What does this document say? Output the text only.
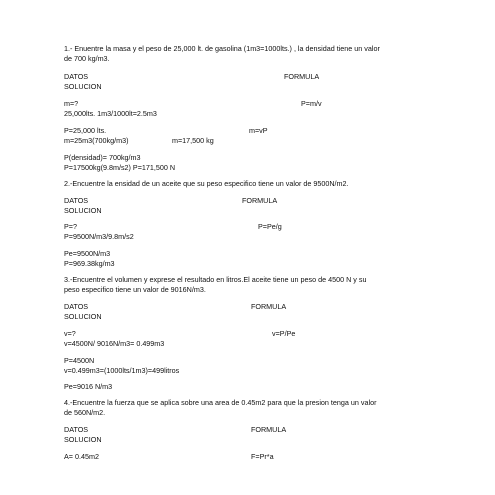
1.- Enuentre la masa y el peso de 25,000 lt. de gasolina (1m3=1000lts.) , la densidad tiene un valor
de 700 kg/m3.
DATOS	FORMULA
SOLUCION
m=?	P=m/v
25,000lts. 1m3/1000lt=2.5m3
P=25,000 lts.	m=vP
m=25m3(700kg/m3)	m=17,500 kg
P(densidad)= 700kg/m3
P=17500kg(9.8m/s2) P=171,500 N
2.-Encuentre la ensidad de un aceite que su peso especifico tiene un valor de 9500N/m2.
DATOS	FORMULA
SOLUCION
P=?	P=Pe/g
P=9500N/m3/9.8m/s2
Pe=9500N/m3
P=969.38kg/m3
3.-Encuentre el volumen y exprese el resultado en litros.El aceite tiene un peso de 4500 N y su
peso especifico tiene un valor de 9016N/m3.
DATOS	FORMULA
SOLUCION
v=?	v=P/Pe
v=4500N/ 9016N/m3= 0.499m3
P=4500N
v=0.499m3=(1000lts/1m3)=499litros
Pe=9016 N/m3
4.-Encuentre la fuerza que se aplica sobre una area de 0.45m2 para que la presion tenga un valor
de 560N/m2.
DATOS	FORMULA
SOLUCION
A= 0.45m2	F=Pr*a
